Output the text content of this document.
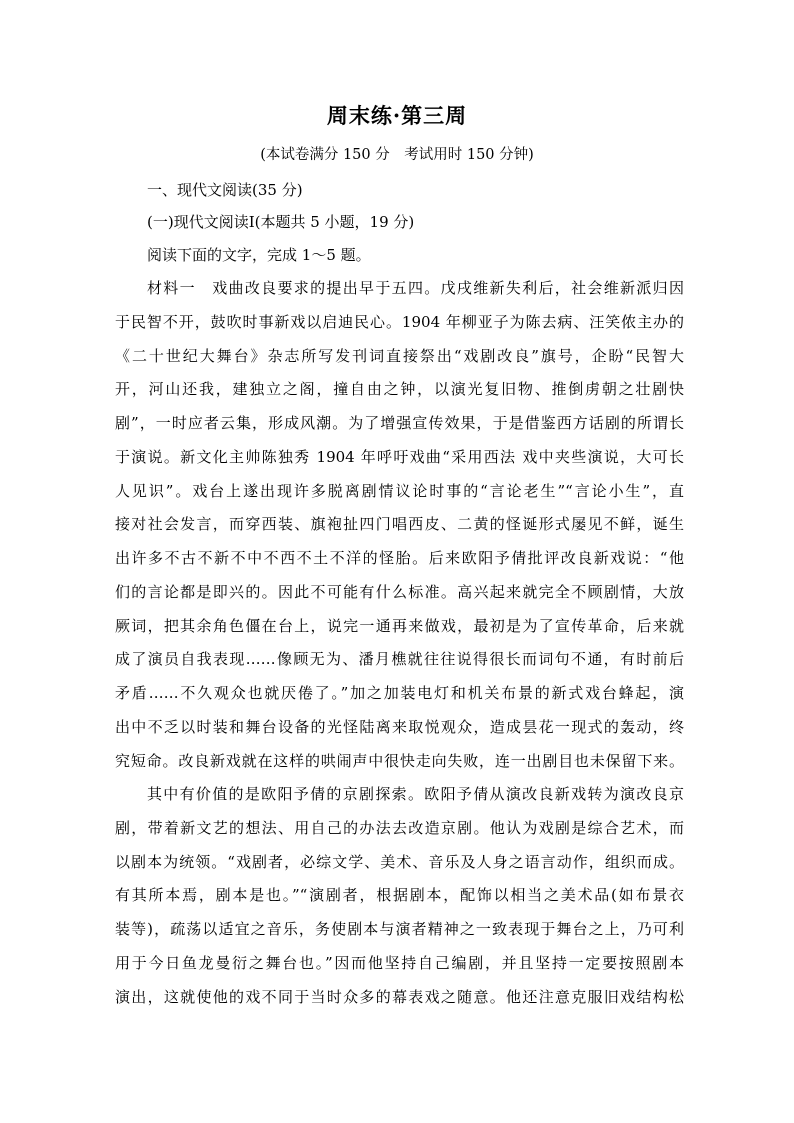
周末练·第三周
(本试卷满分 150 分　考试用时 150 分钟)
一、现代文阅读(35 分)
(一)现代文阅读Ⅰ(本题共 5 小题，19 分)
阅读下面的文字，完成 1～5 题。
材料一　戏曲改良要求的提出早于五四。戊戌维新失利后，社会维新派归因
于民智不开，鼓吹时事新戏以启迪民心。1904 年柳亚子为陈去病、汪笑侬主办的
《二十世纪大舞台》杂志所写发刊词直接祭出“戏剧改良”旗号，企盼“民智大
开，河山还我，建独立之阁，撞自由之钟，以演光复旧物、推倒虏朝之壮剧快
剧”，一时应者云集，形成风潮。为了增强宣传效果，于是借鉴西方话剧的所谓长
于演说。新文化主帅陈独秀 1904 年呼吁戏曲“采用西法 戏中夹些演说，大可长
人见识”。戏台上遂出现许多脱离剧情议论时事的“言论老生”“言论小生”，直
接对社会发言，而穿西装、旗袍扯四门唱西皮、二黄的怪诞形式屡见不鲜，诞生
出许多不古不新不中不西不土不洋的怪胎。后来欧阳予倩批评改良新戏说：“他
们的言论都是即兴的。因此不可能有什么标准。高兴起来就完全不顾剧情，大放
厥词，把其余角色僵在台上，说完一通再来做戏，最初是为了宣传革命，后来就
成了演员自我表现……像顾无为、潘月樵就往往说得很长而词句不通，有时前后
矛盾……不久观众也就厌倦了。”加之加装电灯和机关布景的新式戏台蜂起，演
出中不乏以时装和舞台设备的光怪陆离来取悦观众，造成昙花一现式的轰动，终
究短命。改良新戏就在这样的哄闹声中很快走向失败，连一出剧目也未保留下来。
其中有价值的是欧阳予倩的京剧探索。欧阳予倩从演改良新戏转为演改良京
剧，带着新文艺的想法、用自己的办法去改造京剧。他认为戏剧是综合艺术，而
以剧本为统领。“戏剧者，必综文学、美术、音乐及人身之语言动作，组织而成。
有其所本焉，剧本是也。”“演剧者，根据剧本，配饰以相当之美术品(如布景衣
装等)，疏荡以适宜之音乐，务使剧本与演者精神之一致表现于舞台之上，乃可利
用于今日鱼龙曼衍之舞台也。”因而他坚持自己编剧，并且坚持一定要按照剧本
演出，这就使他的戏不同于当时众多的幕表戏之随意。他还注意克服旧戏结构松
